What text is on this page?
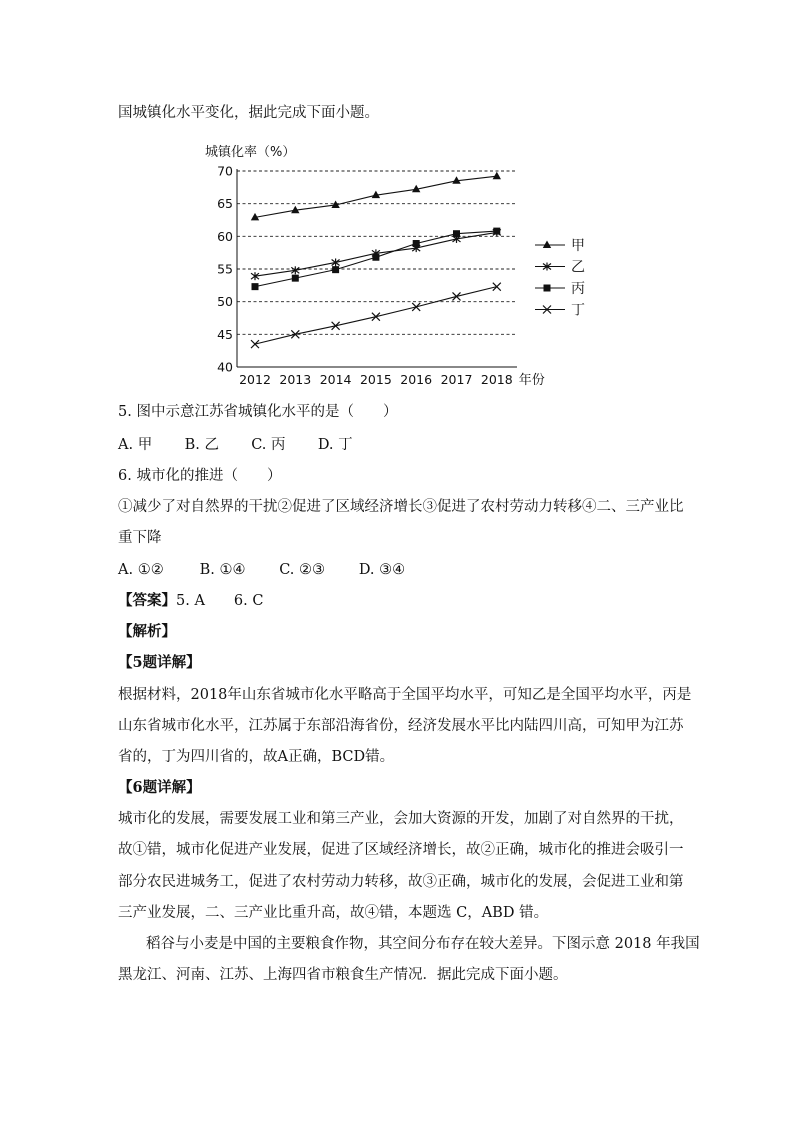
国城镇化水平变化，据此完成下面小题。
城镇化率（%）
40
45
50
55
60
65
70
2012 2013 2014 2015 2016 2017 2018 年份
甲
乙
丙
丁
5. 图中示意江苏省城镇化水平的是（　　）
A. 甲 B. 乙 C. 丙 D. 丁
6. 城市化的推进（　　）
①减少了对自然界的干扰②促进了区域经济增长③促进了农村劳动力转移④二、三产业比
重下降
A. ①② B. ①④ C. ②③ D. ③④
【答案】5. A　　6. C
【解析】
【5题详解】
根据材料，2018年山东省城市化水平略高于全国平均水平，可知乙是全国平均水平，丙是
山东省城市化水平，江苏属于东部沿海省份，经济发展水平比内陆四川高，可知甲为江苏
省的，丁为四川省的，故A正确，BCD错。
【6题详解】
城市化的发展，需要发展工业和第三产业，会加大资源的开发，加剧了对自然界的干扰，
故①错，城市化促进产业发展，促进了区域经济增长，故②正确，城市化的推进会吸引一
部分农民进城务工，促进了农村劳动力转移，故③正确，城市化的发展，会促进工业和第
三产业发展，二、三产业比重升高，故④错，本题选 C，ABD 错。
稻谷与小麦是中国的主要粮食作物，其空间分布存在较大差异。下图示意 2018 年我国
黑龙江、河南、江苏、上海四省市粮食生产情况．据此完成下面小题。
